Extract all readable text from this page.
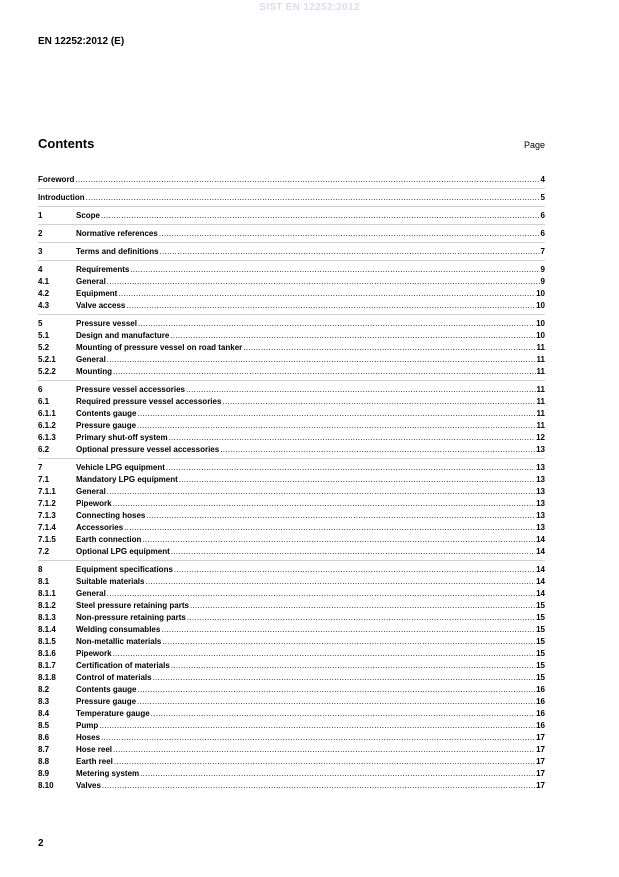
SIST EN 12252:2012
EN 12252:2012 (E)
Contents	Page
Foreword .....	4
Introduction .....	5
1	Scope .....	6
2	Normative references .....	6
3	Terms and definitions .....	7
4	Requirements .....	9
4.1	General .....	9
4.2	Equipment .....	10
4.3	Valve access .....	10
5	Pressure vessel .....	10
5.1	Design and manufacture .....	10
5.2	Mounting of pressure vessel on road tanker .....	11
5.2.1	General .....	11
5.2.2	Mounting .....	11
6	Pressure vessel accessories .....	11
6.1	Required pressure vessel accessories .....	11
6.1.1	Contents gauge .....	11
6.1.2	Pressure gauge .....	11
6.1.3	Primary shut-off system .....	12
6.2	Optional pressure vessel accessories .....	13
7	Vehicle LPG equipment .....	13
7.1	Mandatory LPG equipment .....	13
7.1.1	General .....	13
7.1.2	Pipework .....	13
7.1.3	Connecting hoses .....	13
7.1.4	Accessories .....	13
7.1.5	Earth connection .....	14
7.2	Optional LPG equipment .....	14
8	Equipment specifications .....	14
8.1	Suitable materials .....	14
8.1.1	General .....	14
8.1.2	Steel pressure retaining parts .....	15
8.1.3	Non-pressure retaining parts .....	15
8.1.4	Welding consumables .....	15
8.1.5	Non-metallic materials .....	15
8.1.6	Pipework .....	15
8.1.7	Certification of materials .....	15
8.1.8	Control of materials .....	15
8.2	Contents gauge .....	16
8.3	Pressure gauge .....	16
8.4	Temperature gauge .....	16
8.5	Pump .....	16
8.6	Hoses .....	17
8.7	Hose reel .....	17
8.8	Earth reel .....	17
8.9	Metering system .....	17
8.10	Valves .....	17
2
